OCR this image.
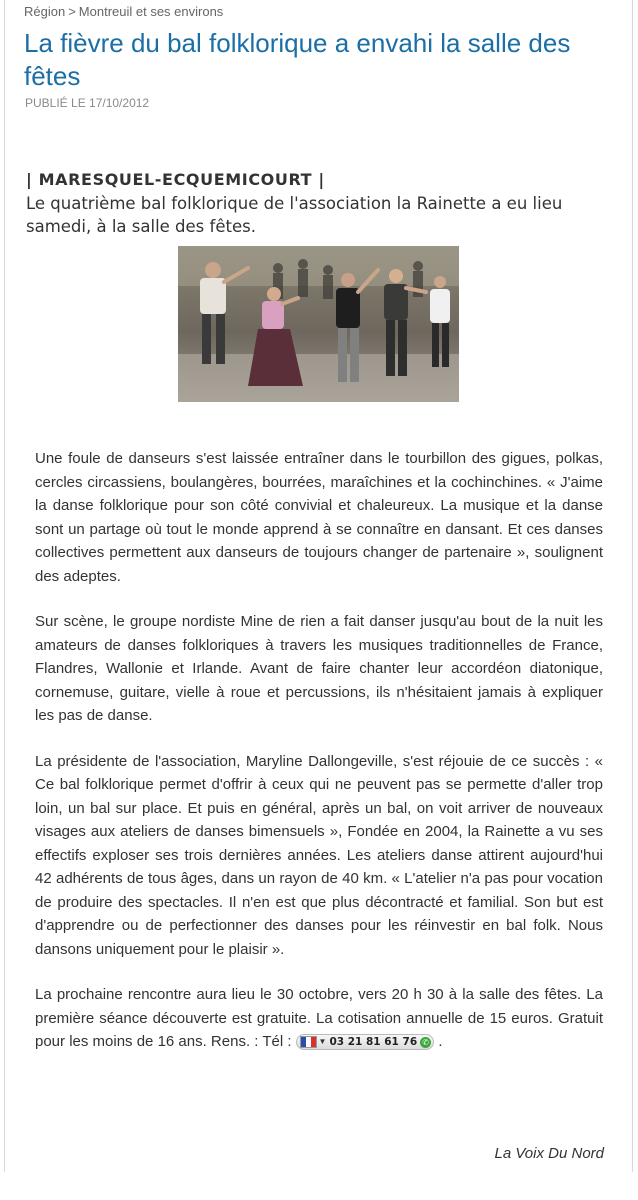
Région > Montreuil et ses environs
La fièvre du bal folklorique a envahi la salle des fêtes
PUBLIÉ LE 17/10/2012
| MARESQUEL-ECQUEMICOURT |

Le quatrième bal folklorique de l'association la Rainette a eu lieu samedi, à la salle des fêtes.

Une foule de danseurs s'est laissée entraîner dans le tourbillon des gigues, polkas, cercles circassiens, boulangères, bourrées, maraîchines et la cochinchines. « J'aime la danse folklorique pour son côté convivial et chaleureux. La musique et la danse sont un partage où tout le monde apprend à se connaître en dansant. Et ces danses collectives permettent aux danseurs de toujours changer de partenaire », soulignent des adeptes.

Sur scène, le groupe nordiste Mine de rien a fait danser jusqu'au bout de la nuit les amateurs de danses folkloriques à travers les musiques traditionnelles de France, Flandres, Wallonie et Irlande. Avant de faire chanter leur accordéon diatonique, cornemuse, guitare, vielle à roue et percussions, ils n'hésitaient jamais à expliquer les pas de danse.

La présidente de l'association, Maryline Dallongeville, s'est réjouie de ce succès : « Ce bal folklorique permet d'offrir à ceux qui ne peuvent pas se permette d'aller trop loin, un bal sur place. Et puis en général, après un bal, on voit arriver de nouveaux visages aux ateliers de danses bimensuels », Fondée en 2004, la Rainette a vu ses effectifs exploser ses trois dernières années. Les ateliers danse attirent aujourd'hui 42 adhérents de tous âges, dans un rayon de 40 km. « L'atelier n'a pas pour vocation de produire des spectacles. Il n'en est que plus décontracté et familial. Son but est d'apprendre ou de perfectionner des danses pour les réinvestir en bal folk. Nous dansons uniquement pour le plaisir ».

La prochaine rencontre aura lieu le 30 octobre, vers 20 h 30 à la salle des fêtes. La première séance découverte est gratuite. La cotisation annuelle de 15 euros. Gratuit pour les moins de 16 ans. Rens. : Tél :	▼ 03 21 81 61 76 ✆ .

La Voix Du Nord
